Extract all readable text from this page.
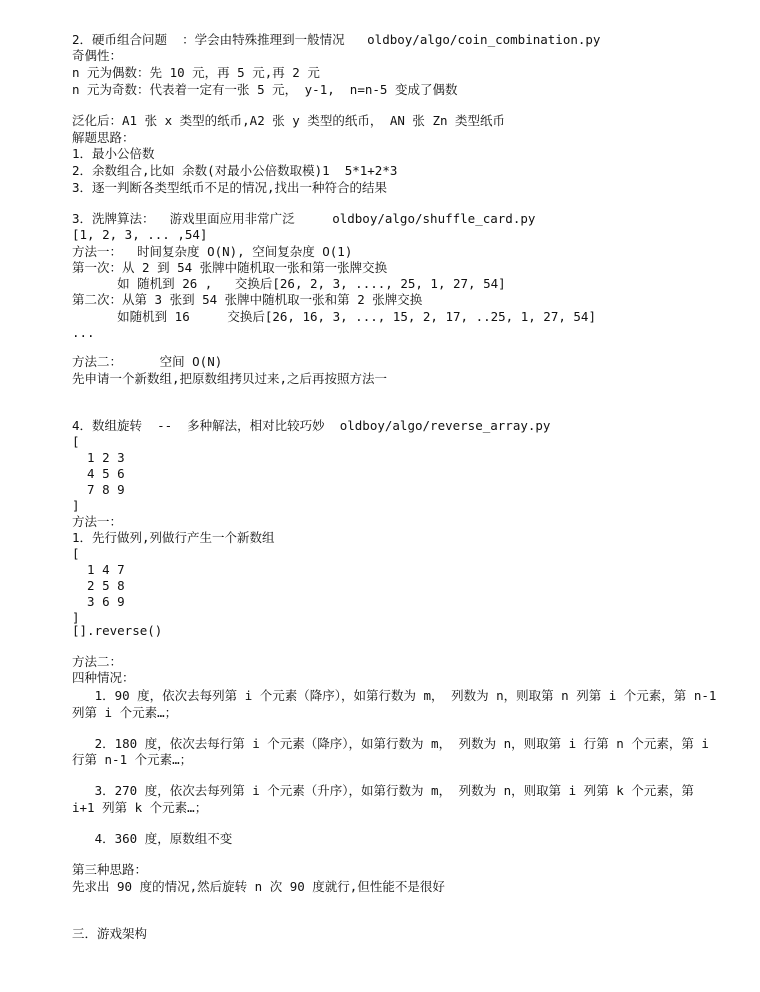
2．硬币组合问题  ：学会由特殊推理到一般情况   oldboy/algo/coin_combination.py
奇偶性：
n 元为偶数：先 10 元，再 5 元,再 2 元
n 元为奇数：代表着一定有一张 5 元， y-1,  n=n-5 变成了偶数
泛化后：A1 张 x 类型的纸币,A2 张 y 类型的纸币， AN 张 Zn 类型纸币
解题思路：
1．最小公倍数
2．余数组合,比如 余数(对最小公倍数取模)1  5*1+2*3
3．逐一判断各类型纸币不足的情况,找出一种符合的结果
3．洗牌算法：  游戏里面应用非常广泛     oldboy/algo/shuffle_card.py
[1, 2, 3, ... ,54]
方法一：  时间复杂度 O(N), 空间复杂度 O(1)
第一次：从 2 到 54 张牌中随机取一张和第一张牌交换
如 随机到 26 ,   交换后[26, 2, 3, ...., 25, 1, 27, 54]
第二次：从第 3 张到 54 张牌中随机取一张和第 2 张牌交换
如随机到 16     交换后[26, 16, 3, ..., 15, 2, 17, ..25, 1, 27, 54]
...
方法二：     空间 O(N)
先申请一个新数组,把原数组拷贝过来,之后再按照方法一
4．数组旋转  --  多种解法，相对比较巧妙  oldboy/algo/reverse_array.py
[
1 2 3
4 5 6
7 8 9
]
方法一：
1．先行做列,列做行产生一个新数组
[
1 4 7
2 5 8
3 6 9
]
[].reverse()
方法二：
四种情况：
1．90 度，依次去每列第 i 个元素（降序），如第行数为 m， 列数为 n，则取第 n 列第 i 个元素，第 n-1
列第 i 个元素…；
2．180 度，依次去每行第 i 个元素（降序），如第行数为 m， 列数为 n，则取第 i 行第 n 个元素，第 i
行第 n-1 个元素…；
3．270 度，依次去每列第 i 个元素（升序），如第行数为 m， 列数为 n，则取第 i 列第 k 个元素，第
i+1 列第 k 个元素…；
4．360 度，原数组不变
第三种思路：
先求出 90 度的情况,然后旋转 n 次 90 度就行,但性能不是很好
三．游戏架构
